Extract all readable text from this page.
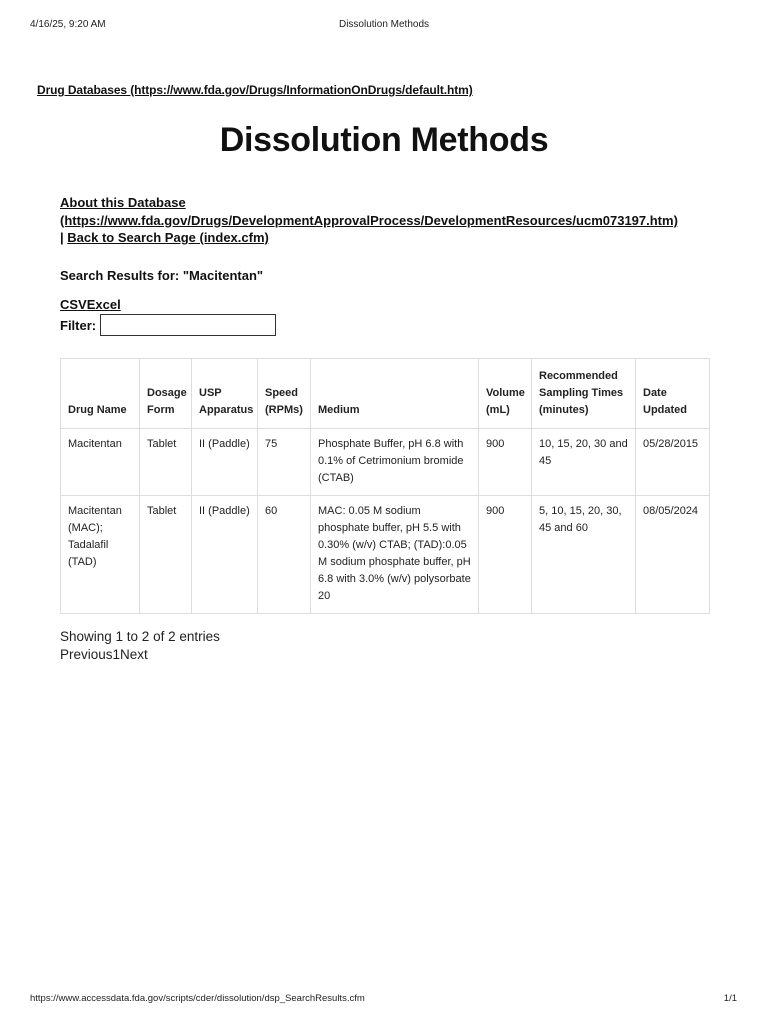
4/16/25, 9:20 AM	Dissolution Methods
Drug Databases (https://www.fda.gov/Drugs/InformationOnDrugs/default.htm)
Dissolution Methods
About this Database
(https://www.fda.gov/Drugs/DevelopmentApprovalProcess/DevelopmentResources/ucm073197.htm)
| Back to Search Page (index.cfm)
Search Results for: "Macitentan"
CSVExcel
Filter:
Drug Name	Dosage Form	USP Apparatus	Speed (RPMs)	Medium	Volume (mL)	Recommended Sampling Times (minutes)	Date Updated
Macitentan	Tablet	II (Paddle)	75	Phosphate Buffer, pH 6.8 with 0.1% of Cetrimonium bromide (CTAB)	900	10, 15, 20, 30 and 45	05/28/2015
Macitentan (MAC); Tadalafil (TAD)	Tablet	II (Paddle)	60	MAC: 0.05 M sodium phosphate buffer, pH 5.5 with 0.30% (w/v) CTAB; (TAD):0.05 M sodium phosphate buffer, pH 6.8 with 3.0% (w/v) polysorbate 20	900	5, 10, 15, 20, 30, 45 and 60	08/05/2024
Showing 1 to 2 of 2 entries
Previous1Next
https://www.accessdata.fda.gov/scripts/cder/dissolution/dsp_SearchResults.cfm	1/1
